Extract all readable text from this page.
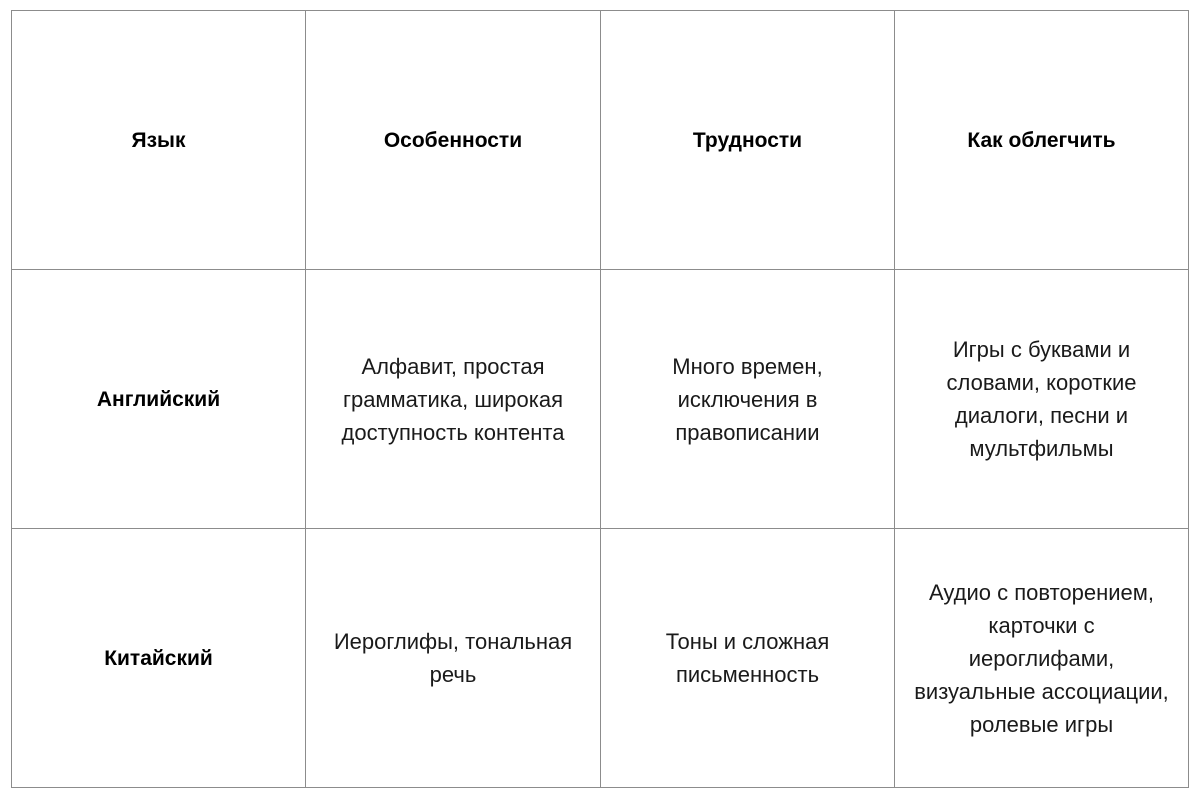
Язык	Особенности	Трудности	Как облегчить

Английский	Алфавит, простая грамматика, широкая доступность контента	Много времен, исключения в правописании	Игры с буквами и словами, короткие диалоги, песни и мультфильмы

Китайский	Иероглифы, тональная речь	Тоны и сложная письменность	Аудио с повторением, карточки с иероглифами, визуальные ассоциации, ролевые игры
